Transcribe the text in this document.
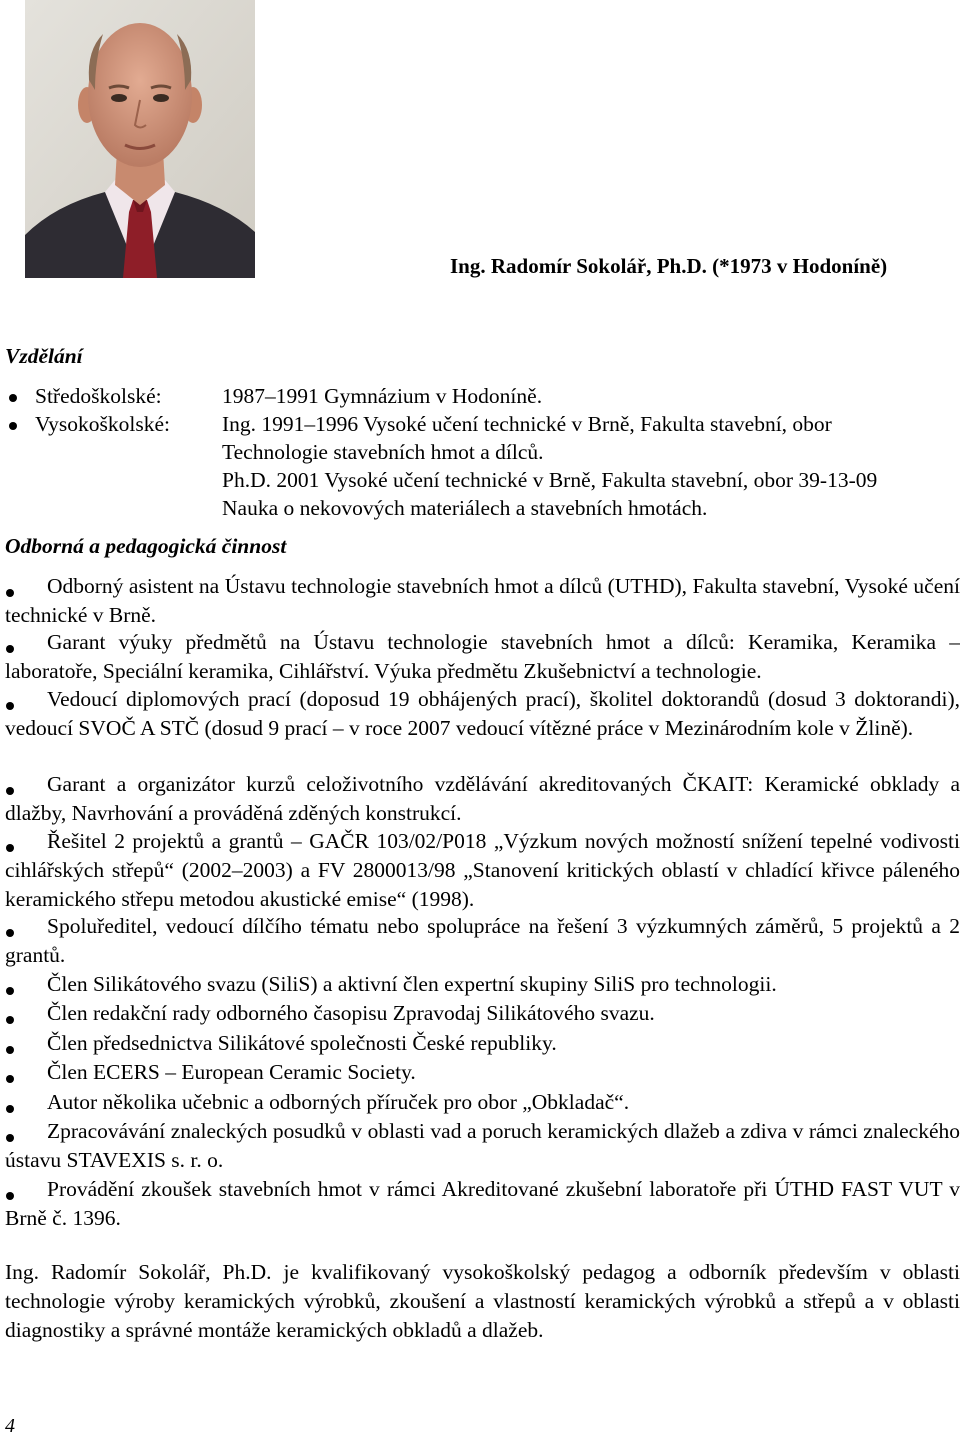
Ing. Radomír Sokolář, Ph.D. (*1973 v Hodoníně)
Vzdělání
Středoškolské:	1987–1991 Gymnázium v Hodoníně.
Vysokoškolské: Ing. 1991–1996 Vysoké učení technické v Brně, Fakulta stavební, obor
Technologie stavebních hmot a dílců.
Ph.D. 2001 Vysoké učení technické v Brně, Fakulta stavební, obor 39-13-09
Nauka o nekovových materiálech a stavebních hmotách.
Odborná a pedagogická činnost
Odborný asistent na Ústavu technologie stavebních hmot a dílců (UTHD), Fakulta stavební, Vysoké učení technické v Brně.
Garant výuky předmětů na Ústavu technologie stavebních hmot a dílců: Keramika, Keramika – laboratoře, Speciální keramika, Cihlářství. Výuka předmětu Zkušebnictví a technologie.
Vedoucí diplomových prací (doposud 19 obhájených prací), školitel doktorandů (dosud 3 doktorandi), vedoucí SVOČ A STČ (dosud 9 prací – v roce 2007 vedoucí vítězné práce v Mezinárodním kole v Žlině).
Garant a organizátor kurzů celoživotního vzdělávání akreditovaných ČKAIT: Keramické obklady a dlažby, Navrhování a prováděná zděných konstrukcí.
Řešitel 2 projektů a grantů – GAČR 103/02/P018 „Výzkum nových možností snížení tepelné vodivosti cihlářských střepů“ (2002–2003) a FV 2800013/98 „Stanovení kritických oblastí v chladící křivce páleného keramického střepu metodou akustické emise“ (1998).
Spoluředitel, vedoucí dílčího tématu nebo spolupráce na řešení 3 výzkumných záměrů, 5 projektů a 2 grantů.
Člen Silikátového svazu (SiliS) a aktivní člen expertní skupiny SiliS pro technologii.
Člen redakční rady odborného časopisu Zpravodaj Silikátového svazu.
Člen předsednictva Silikátové společnosti České republiky.
Člen ECERS – European Ceramic Society.
Autor několika učebnic a odborných příruček pro obor „Obkladač“.
Zpracovávání znaleckých posudků v oblasti vad a poruch keramických dlažeb a zdiva v rámci znaleckého ústavu STAVEXIS s. r. o.
Provádění zkoušek stavebních hmot v rámci Akreditované zkušební laboratoře při ÚTHD FAST VUT v Brně č. 1396.
Ing. Radomír Sokolář, Ph.D. je kvalifikovaný vysokoškolský pedagog a odborník především v oblasti technologie výroby keramických výrobků, zkoušení a vlastností keramických výrobků a střepů a v oblasti diagnostiky a správné montáže keramických obkladů a dlažeb.
4
